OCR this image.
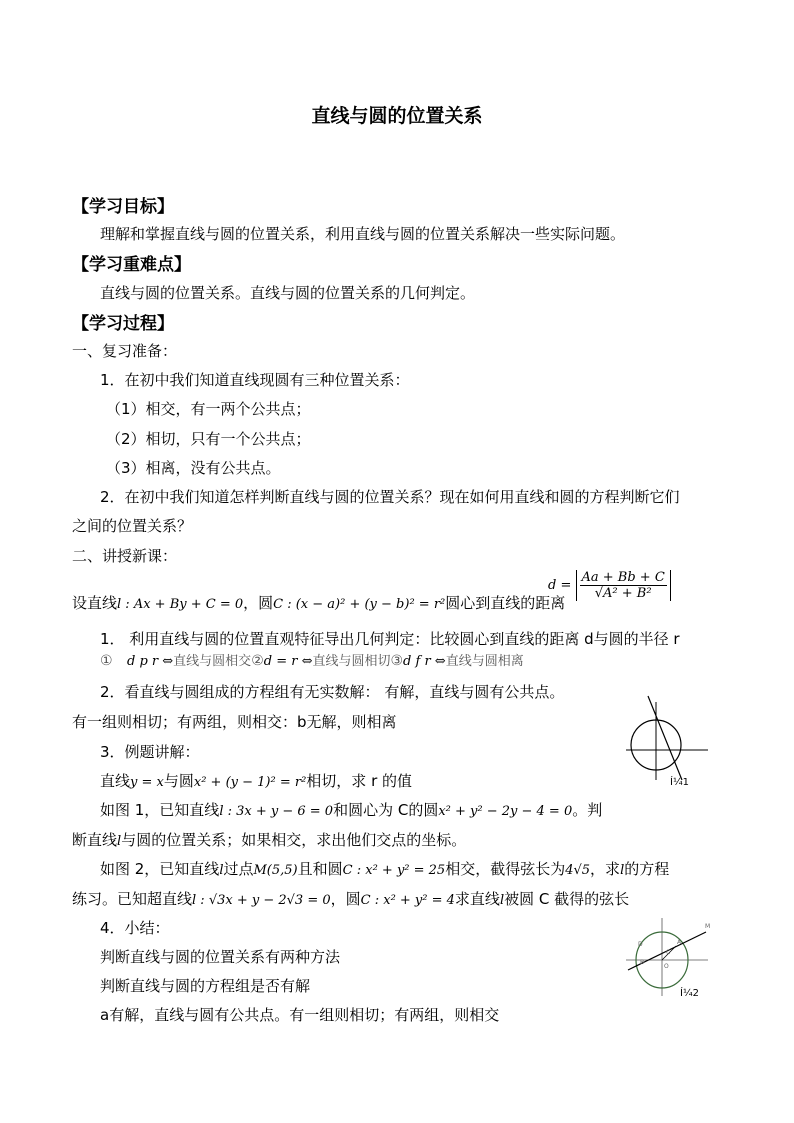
直线与圆的位置关系
【学习目标】
理解和掌握直线与圆的位置关系，利用直线与圆的位置关系解决一些实际问题。
【学习重难点】
直线与圆的位置关系。直线与圆的位置关系的几何判定。
【学习过程】
一、复习准备：
1．在初中我们知道直线现圆有三种位置关系：
（1）相交，有一两个公共点；
（2）相切，只有一个公共点；
（3）相离，没有公共点。
2．在初中我们知道怎样判断直线与圆的位置关系？现在如何用直线和圆的方程判断它们
之间的位置关系？
二、讲授新课：
设直线l : Ax + By + C = 0，圆C : (x − a)² + (y − b)² = r²圆心到直线的距离
$d = \frac{Aa + Bb + C}{\text{√A² + B²}}$
1． 利用直线与圆的位置直观特征导出几何判定：比较圆心到直线的距离 d与圆的半径 r
① d p r ⇔直线与圆相交②d = r ⇔直线与圆相切③d f r ⇔直线与圆相离
2．看直线与圆组成的方程组有无实数解： 有解，直线与圆有公共点。
有一组则相切；有两组，则相交：b无解，则相离
3．例题讲解：
直线y = x与圆x² + (y − 1)² = r²相切，求 r 的值
如图 1，已知直线l : 3x + y − 6 = 0和圆心为 C的圆x² + y² − 2y − 4 = 0。判
断直线l与圆的位置关系；如果相交，求出他们交点的坐标。
如图 2，已知直线l过点M(5,5)且和圆C : x² + y² = 25相交，截得弦长为4√5，求l的方程
练习。已知超直线l : √3x + y − 2√3 = 0，圆C : x² + y² = 4求直线l被圆 C 截得的弦长
4．小结：
判断直线与圆的位置关系有两种方法
判断直线与圆的方程组是否有解
a有解，直线与圆有公共点。有一组则相切；有两组，则相交
Í¼1
M
D	A
B
O
C
Í¼2
